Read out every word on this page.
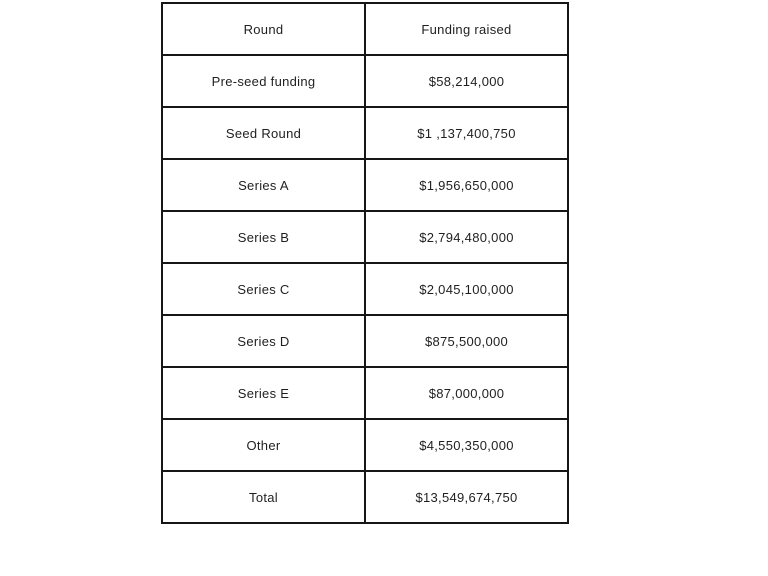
Round	Funding raised
Pre-seed funding	$58,214,000
Seed Round	$1 ,137,400,750
Series A	$1,956,650,000
Series B	$2,794,480,000
Series C	$2,045,100,000
Series D	$875,500,000
Series E	$87,000,000
Other	$4,550,350,000
Total	$13,549,674,750
